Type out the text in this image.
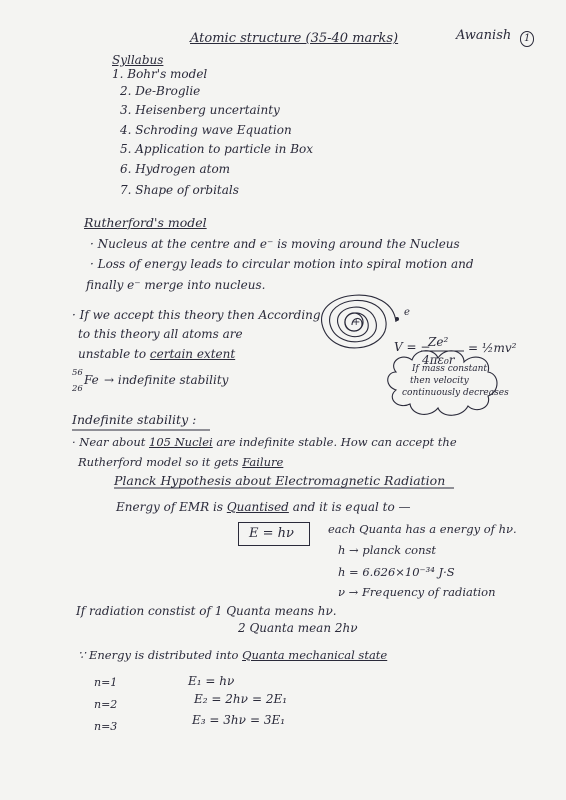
Atomic structure (35-40 marks)	Awanish	1
Syllabus
1. Bohr's model
2. De-Broglie
3. Heisenberg uncertainty
4. Schroding wave Equation
5. Application to particle in Box
6. Hydrogen atom
7. Shape of orbitals
Rutherford's model
· Nucleus at the centre and e⁻ is moving around the Nucleus
· Loss of energy leads to circular motion into spiral motion and
finally e⁻ merge into nucleus.
· If we accept this theory then According
to this theory all atoms are
unstable to certain extent
56
26
Fe → indefinite stability
+
e
V = −
Ze²
4πε₀r
= ½mv²
If mass constant
then velocity
continuously decreases
Indefinite stability :
· Near about 105 Nuclei are indefinite stable. How can accept the
Rutherford model so it gets Failure
Planck Hypothesis about Electromagnetic Radiation
Energy of EMR is Quantised and it is equal to —
E = hν	each Quanta has a energy of hν.
h → planck const
h = 6.626×10⁻³⁴ J·S
ν → Frequency of radiation
If radiation constist of 1 Quanta means hν.
2 Quanta mean 2hν
∵ Energy is distributed into Quanta mechanical state
n=1	E₁ = hν
n=2	E₂ = 2hν = 2E₁
n=3	E₃ = 3hν = 3E₁
